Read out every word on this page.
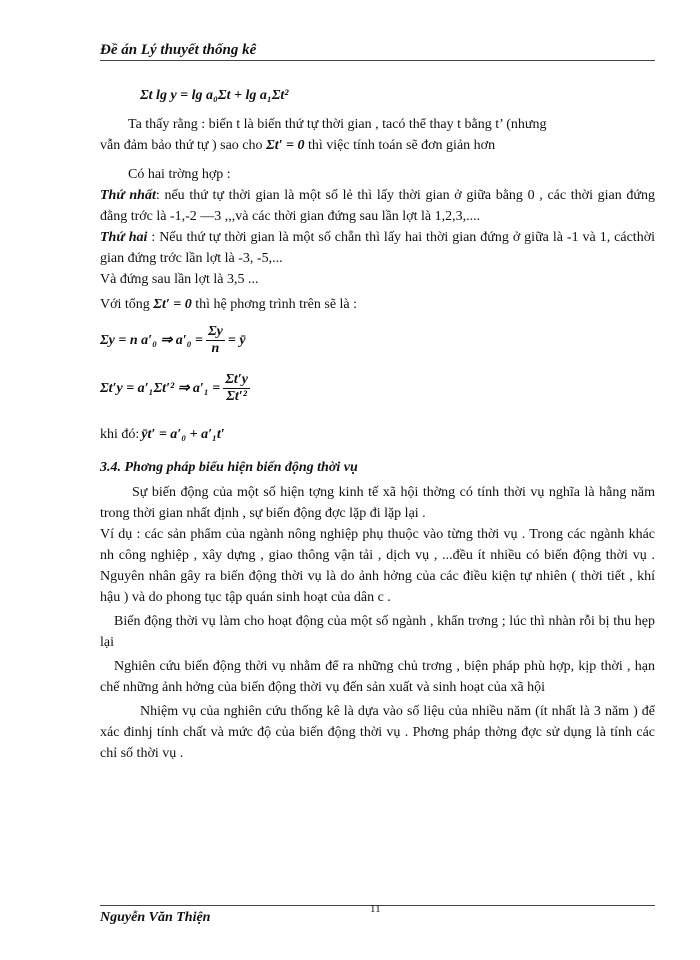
Đề án Lý thuyết thống kê
Σt lg y = lg a₀Σt + lg a₁Σt²

Ta thấy rằng : biến t là biến thứ tự thời gian , tacó thể thay t bằng t’ (nhưng

vẫn đảm bảo thứ tự ) sao cho Σt′ = 0 thì việc tính toán sẽ đơn giản hơn

Có hai trờng hợp :

Thứ nhất: nếu thứ tự thời gian là một số lẻ thì lấy thời gian ở giữa bằng 0 , các thời gian đứng đằng trớc là -1,-2 —3 ,,,và các thời gian đứng sau lần lợt là 1,2,3,....

Thứ hai : Nếu thứ tự thời gian là một số chẵn thì lấy hai thời gian đứng ở giữa là -1 và 1, cácthời gian đứng trớc lần lợt là -3, -5,...

Và đứng sau lần lợt là 3,5 ...

Với tổng Σt′ = 0 thì hệ phơng trình trên sẽ là :

Σy = n a′₀ ⇒ $a'_0 = \frac{\Sigma y}{n}$ = ȳ
Σt′y = a′₁Σt′² ⇒ $a'_1 = \frac{\Sigma t'y}{\text{Σt′²}}$
khi đó: ȳt′ = a′₀ + a′₁t′

3.4. Phơng pháp biểu hiện biến động thời vụ

Sự biến động của một số hiện tợng kinh tế xã hội thờng có tính thời vụ nghĩa là hằng năm trong thời gian nhất định , sự biến động đợc lặp đi lặp lại .

Ví dụ : các sản phẩm của ngành nông nghiệp phụ thuộc vào từng thời vụ . Trong các ngành khác nh công nghiệp , xây dựng , giao thông vận tải , dịch vụ , ...đều ít nhiều có biến động thời vụ . Nguyên nhân gây ra biến động thời vụ là do ảnh hởng của các điều kiện tự nhiên ( thời tiết , khí hậu ) và do phong tục tập quán sinh hoạt của dân c .

Biến động thời vụ làm cho hoạt động của một số ngành , khẩn trơng ; lúc thì nhàn rỗi bị thu hẹp lại

Nghiên cứu biến động thời vụ nhằm để ra những chủ trơng , biện pháp phù hợp, kịp thời , hạn chế những ảnh hởng của biến động thời vụ đến sản xuất và sinh hoạt của xã hội

Nhiệm vụ của nghiên cứu thống kê là dựa vào số liệu của nhiều năm (ít nhất là 3 năm ) để xác đinhj tính chất và mức độ của biến động thời vụ . Phơng pháp thờng đợc sử dụng là tính các chỉ số thời vụ .

11
Nguyễn Văn Thiện
